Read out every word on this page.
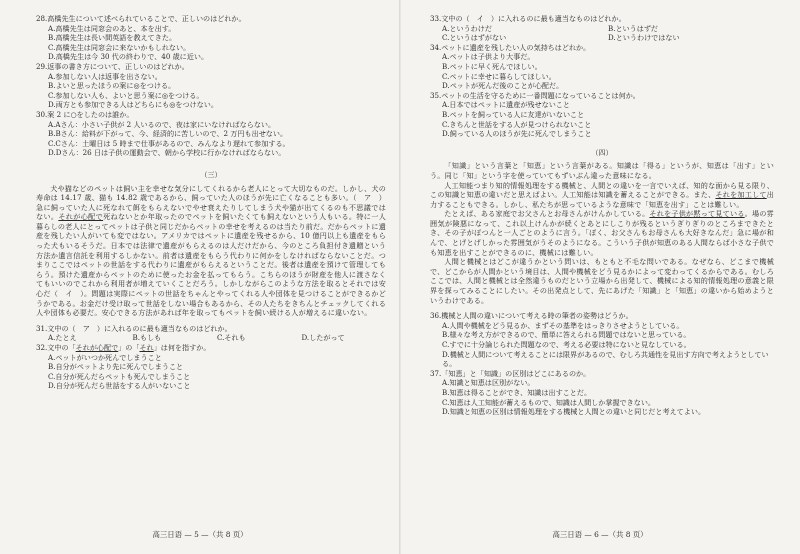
28.高橋先生について述べられていることで、正しいのはどれか。

A.高橋先生は同窓会のあと、本を出す。

B.高橋先生は長い間英語を教えてきた。

C.高橋先生は同窓会に来ないかもしれない。

D.高橋先生は今 30 代の終わりで、40 歳に近い。

29.返事の書き方について、正しいのはどれか。

A.参加しない人は返事を出さない。

B.よいと思ったほうの案に◎をつける。

C.参加しない人も、よいと思う案に◎をつける。

D.両方とも参加できる人はどちらにも◎をつけない。

30.案 2 に○をしたのは誰か。

A.Aさん：小さい子供が 2 人いるので、夜は家にいなければならない。

B.Bさん：給料が下がって、今、経済的に苦しいので、2 万円も出せない。

C.Cさん：土曜日は 5 時まで仕事があるので、みんなより遅れて参加する。

D.Dさん：26 日は子供の運動会で、朝から学校に行かなければならない。

（三）

犬や猫などのペットは飼い主を幸せな気分にしてくれるから老人にとって大切なものだ。しかし、犬の寿命は 14.17 歳、猫も 14.82 歳であるから、飼っていた人のほうが先に亡くなることも多い。（　ア　）急に飼っていた人に死なれて餌をもらえないでやせ衰えたりしてしまう犬や猫が出てくるのも不思議ではない。それが心配で死ねないとか年取ったのでペットを飼いたくても飼えないという人もいる。特に一人暮らしの老人にとってペットは子供と同じだからペットの幸せを考えるのは当たり前だ。だからペットに遺産を残したい人がいても変ではない。アメリカではペットに遺産を残せるから、10 億円以上も遺産をもらった犬もいるそうだ。日本では法律で遺産がもらえるのは人だけだから、今のところ負担付き遺贈という方法か遺言信託を利用するしかない。前者は遺産をもらう代わりに何かをしなければならないことだ。つまりここではペットの世話をする代わりに遺産がもらえるということだ。後者は遺産を預けて管理してもらう。預けた遺産からペットのために使ったお金を払ってもらう。こちらのほうが財産を他人に渡さなくてもいいのでこれから利用者が増えていくことだろう。しかしながらこのような方法を取るとそれでは安心だ（　イ　）。問題は実際にペットの世話をちゃんとやってくれる人や団体を見つけることができるかどうかである。お金だけ受け取って世話をしない場合もあるから、その人たちをきちんとチェックしてくれる人や団体も必要だ。安心できる方法があれば年を取ってもペットを飼い続ける人が増えるに違いない。

31.文中の（　ア　）に入れるのに最も適当なものはどれか。

A.たとえ	B.もしも	C.それも	D.したがって

32.文中の「それが心配で」の「それ」は何を指すか。

A.ペットがいつか死んでしまうこと

B.自分がペットより先に死んでしまうこと

C.自分が死んだらペットも死んでしまうこと

D.自分が死んだら世話をする人がいないこと

高三日语 — 5 —（共 8 页）

33.文中の（　イ　）に入れるのに最も適当なものはどれか。

A.というわけだ	B.というはずだ
C.というはずがない	D.というわけではない

34.ペットに遺産を残したい人の気持ちはどれか。

A.ペットは子供より大事だ。

B.ペットに早く死んでほしい。

C.ペットに幸せに暮らしてほしい。

D.ペットが死んだ後のことが心配だ。

35.ペットの生活を守るために一番問題になっていることは何か。

A.日本ではペットに遺産が残せないこと

B.ペットを飼っている人に友達がいないこと

C.きちんと世話をする人が見つけられないこと

D.飼っている人のほうが先に死んでしまうこと

（四）

「知識」という言葉と「知恵」という言葉がある。知識は「得る」というが、知恵は「出す」という。同じ「知」という字を使っていてもずいぶん違った意味になる。

人工知能つまり知的情報処理をする機械と、人間との違いを一言でいえば、知的な面から見る限り、この知識と知恵の違いだと思えばよい。人工知能は知識を蓄えることができる。また、それを加工して出力することもできる。しかし、私たちが思っているような意味で「知恵を出す」ことは難しい。

たとえば、ある家庭でお父さんとお母さんがけんかしている。それを子供が黙って見ている。場の雰囲気が険悪になって、これ以上けんかが続くとあとにしこりが残るというぎりぎりのところまできたとき、その子がぽつんと一人ごとのように言う。「ぼく、お父さんもお母さんも大好きなんだ」急に場が和んで、とげとげしかった雰囲気がうそのようになる。こういう子供が知恵のある人間ならば小さな子供でも知恵を出すことができるのに、機械には難しい。

人間と機械とはどこが違うかという問いは、もともと不毛な問いである。なぜなら、どこまで機械で、どこからが人間かという境目は、人間や機械をどう見るかによって変わってくるからである。むしろここでは、人間と機械とは全然違うものだという立場から出発して、機械による知的情報処理の意義と限界を探ってみることにしたい。その出発点として、先にあげた「知識」と「知恵」の違いから始めようというわけである。

36.機械と人間の違いについて考える時の筆者の姿勢はどうか。

A.人間や機械をどう見るか、まずその基準をはっきりさせようとしている。

B.様々な考え方ができるので、簡単に答えられる問題ではないと思っている。

C.すでに十分論じられた問題なので、考える必要は特にないと見なしている。

D.機械と人間について考えることには限界があるので、むしろ共通性を見出す方向で考えようとしている。

37.「知恵」と「知識」の区別はどこにあるのか。

A.知識と知恵は区別がない。

B.知恵は得ることができ、知識は出すことだ。

C.知恵は人工知能が蓄えるもので、知識は人間しか掌握できない。

D.知識と知恵の区別は情報処理をする機械と人間との違いと同じだと考えてよい。

高三日语 — 6 —（共 8 页）
